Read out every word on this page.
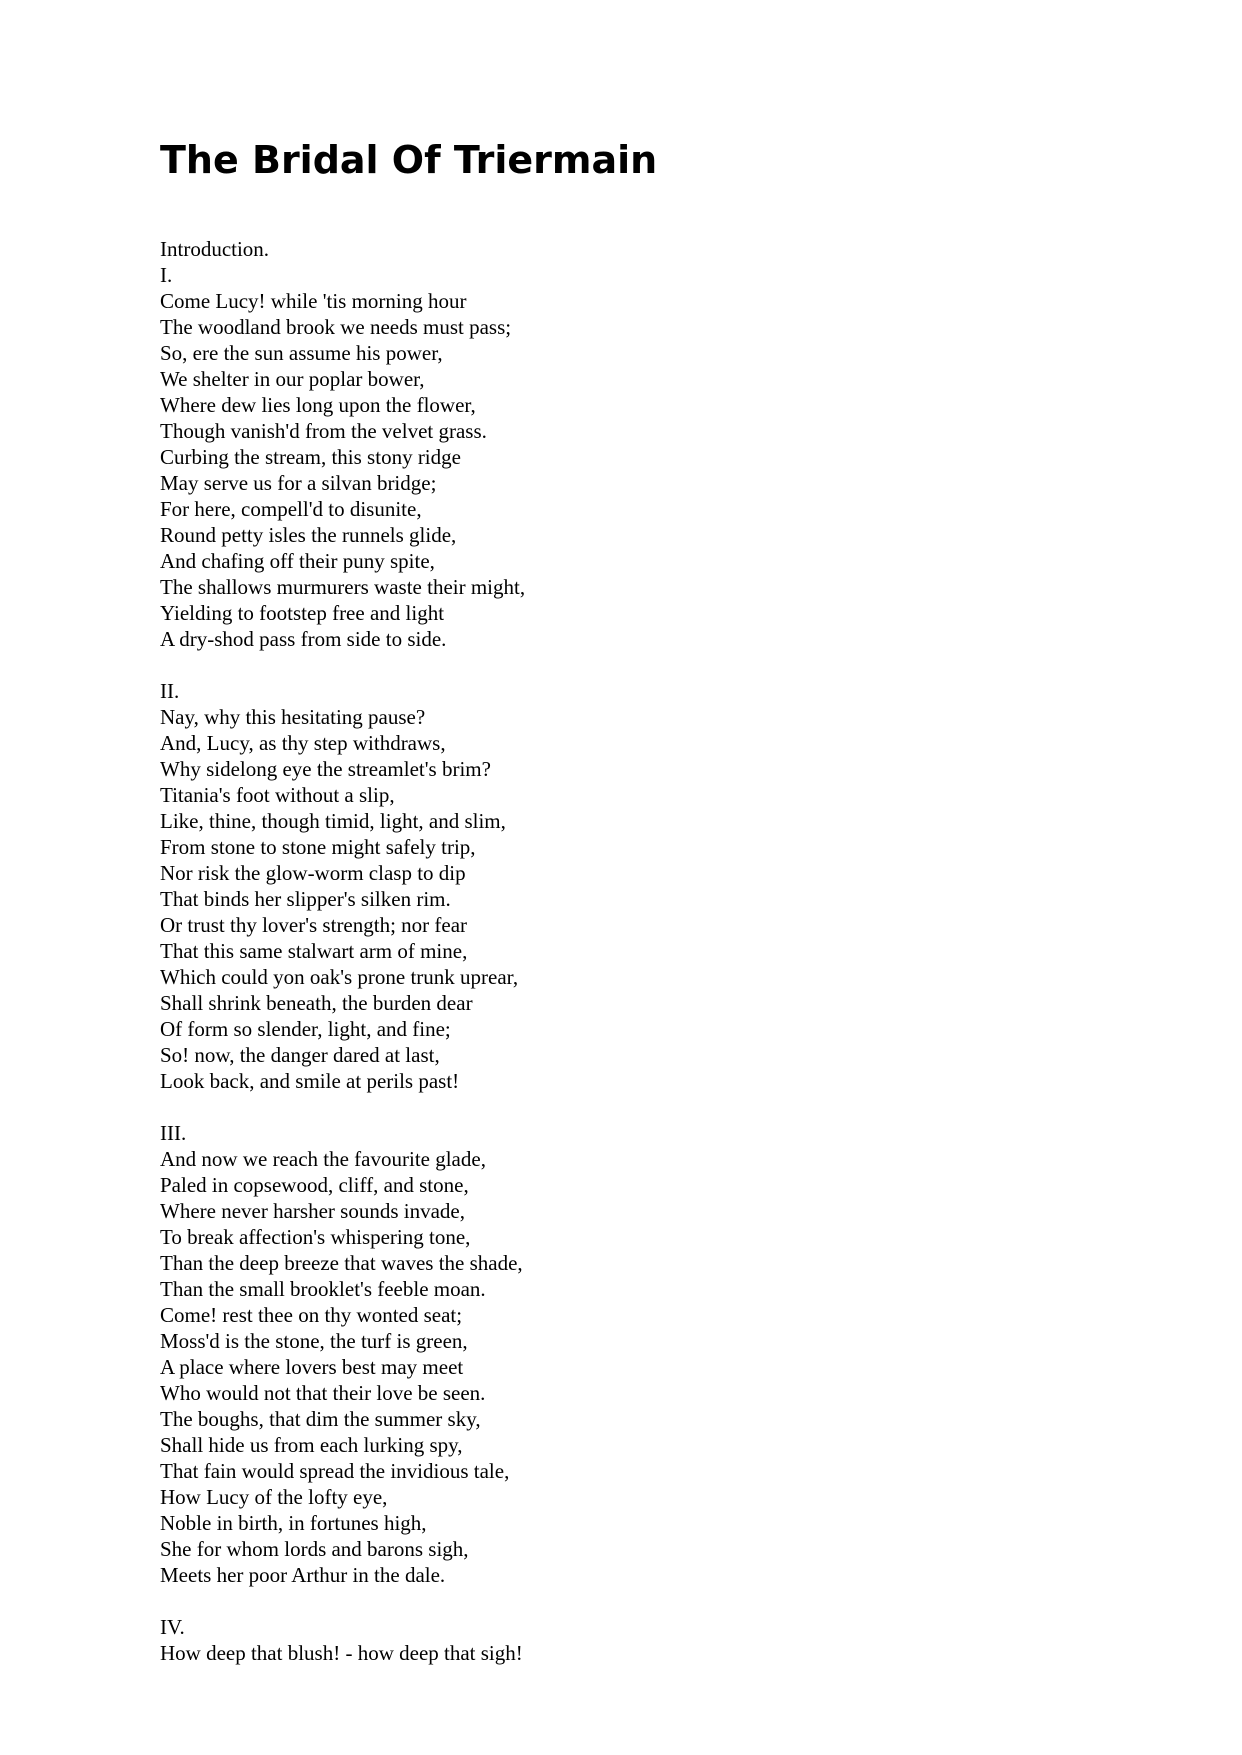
The Bridal Of Triermain
Introduction.
I.
Come Lucy! while 'tis morning hour
The woodland brook we needs must pass;
So, ere the sun assume his power,
We shelter in our poplar bower,
Where dew lies long upon the flower,
Though vanish'd from the velvet grass.
Curbing the stream, this stony ridge
May serve us for a silvan bridge;
For here, compell'd to disunite,
Round petty isles the runnels glide,
And chafing off their puny spite,
The shallows murmurers waste their might,
Yielding to footstep free and light
A dry-shod pass from side to side.
II.
Nay, why this hesitating pause?
And, Lucy, as thy step withdraws,
Why sidelong eye the streamlet's brim?
Titania's foot without a slip,
Like, thine, though timid, light, and slim,
From stone to stone might safely trip,
Nor risk the glow-worm clasp to dip
That binds her slipper's silken rim.
Or trust thy lover's strength; nor fear
That this same stalwart arm of mine,
Which could yon oak's prone trunk uprear,
Shall shrink beneath, the burden dear
Of form so slender, light, and fine;
So! now, the danger dared at last,
Look back, and smile at perils past!
III.
And now we reach the favourite glade,
Paled in copsewood, cliff, and stone,
Where never harsher sounds invade,
To break affection's whispering tone,
Than the deep breeze that waves the shade,
Than the small brooklet's feeble moan.
Come! rest thee on thy wonted seat;
Moss'd is the stone, the turf is green,
A place where lovers best may meet
Who would not that their love be seen.
The boughs, that dim the summer sky,
Shall hide us from each lurking spy,
That fain would spread the invidious tale,
How Lucy of the lofty eye,
Noble in birth, in fortunes high,
She for whom lords and barons sigh,
Meets her poor Arthur in the dale.
IV.
How deep that blush! - how deep that sigh!
